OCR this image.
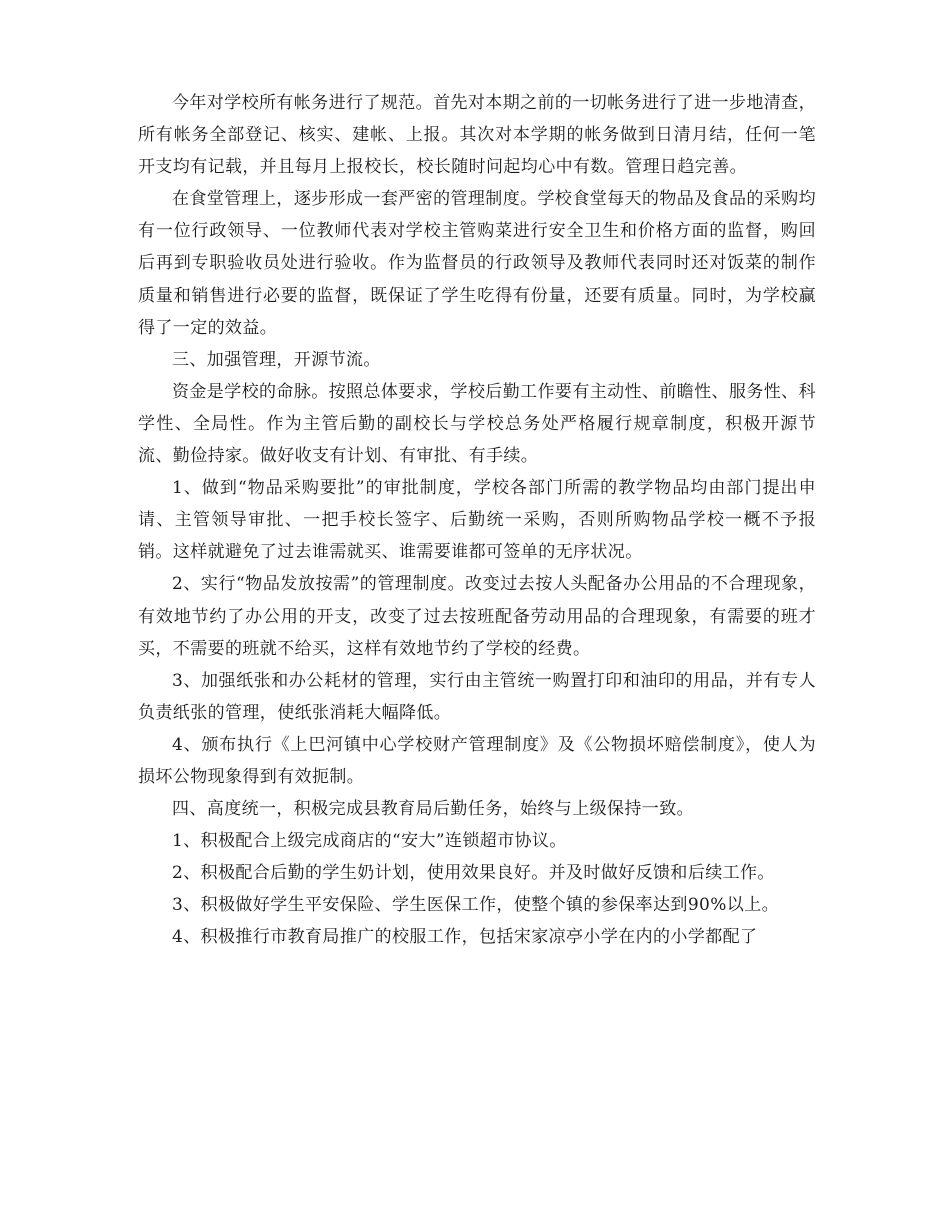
今年对学校所有帐务进行了规范。首先对本期之前的一切帐务进行了进一步地清查，所有帐务全部登记、核实、建帐、上报。其次对本学期的帐务做到日清月结，任何一笔开支均有记载，并且每月上报校长，校长随时问起均心中有数。管理日趋完善。

在食堂管理上，逐步形成一套严密的管理制度。学校食堂每天的物品及食品的采购均有一位行政领导、一位教师代表对学校主管购菜进行安全卫生和价格方面的监督，购回后再到专职验收员处进行验收。作为监督员的行政领导及教师代表同时还对饭菜的制作质量和销售进行必要的监督，既保证了学生吃得有份量，还要有质量。同时，为学校赢得了一定的效益。

三、加强管理，开源节流。

资金是学校的命脉。按照总体要求，学校后勤工作要有主动性、前瞻性、服务性、科学性、全局性。作为主管后勤的副校长与学校总务处严格履行规章制度，积极开源节流、勤俭持家。做好收支有计划、有审批、有手续。

1、做到“物品采购要批”的审批制度，学校各部门所需的教学物品均由部门提出申请、主管领导审批、一把手校长签字、后勤统一采购，否则所购物品学校一概不予报销。这样就避免了过去谁需就买、谁需要谁都可签单的无序状况。

2、实行“物品发放按需”的管理制度。改变过去按人头配备办公用品的不合理现象，有效地节约了办公用的开支，改变了过去按班配备劳动用品的合理现象，有需要的班才买，不需要的班就不给买，这样有效地节约了学校的经费。

3、加强纸张和办公耗材的管理，实行由主管统一购置打印和油印的用品，并有专人负责纸张的管理，使纸张消耗大幅降低。

4、颁布执行《上巴河镇中心学校财产管理制度》及《公物损坏赔偿制度》，使人为损坏公物现象得到有效扼制。

四、高度统一，积极完成县教育局后勤任务，始终与上级保持一致。

1、积极配合上级完成商店的“安大”连锁超市协议。

2、积极配合后勤的学生奶计划，使用效果良好。并及时做好反馈和后续工作。

3、积极做好学生平安保险、学生医保工作，使整个镇的参保率达到90%以上。

4、积极推行市教育局推广的校服工作，包括宋家凉亭小学在内的小学都配了
